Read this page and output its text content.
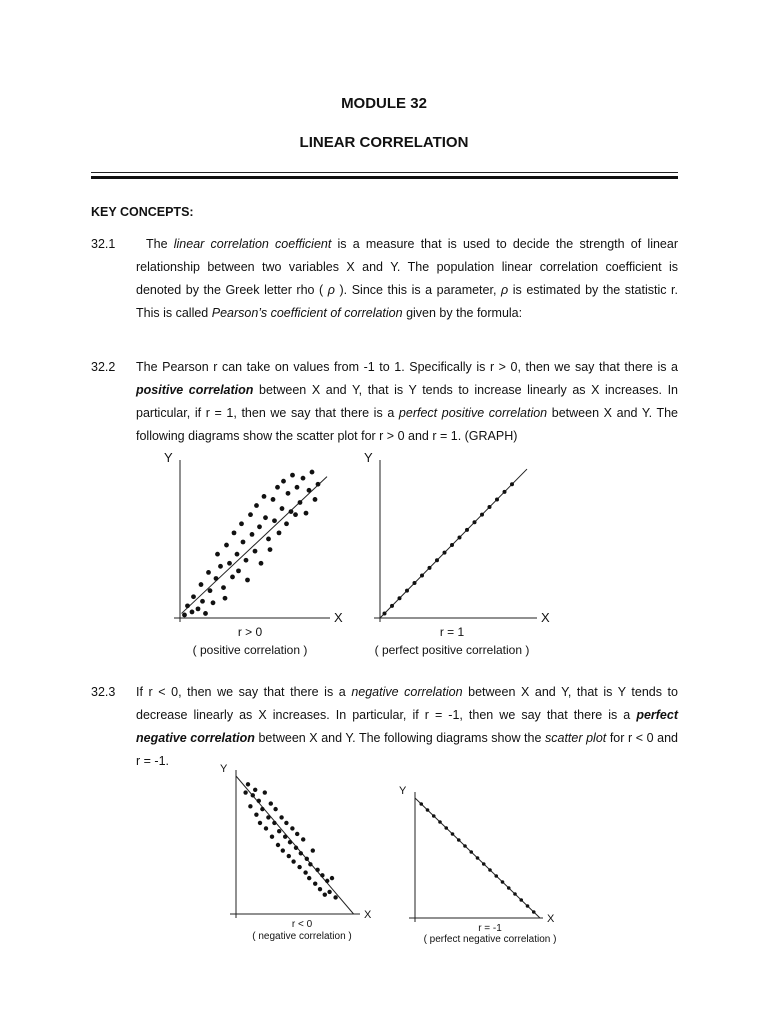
MODULE 32
LINEAR CORRELATION
KEY CONCEPTS:
32.1	The linear correlation coefficient is a measure that is used to decide the strength of linear relationship between two variables X and Y. The population linear correlation coefficient is denoted by the Greek letter rho ( ρ ). Since this is a parameter, ρ is estimated by the statistic r. This is called Pearson’s coefficient of correlation given by the formula:

32.2 The Pearson r can take on values from -1 to 1. Specifically is r > 0, then we say that there is a positive correlation between X and Y, that is Y tends to increase linearly as X increases. In particular, if r = 1, then we say that there is a perfect positive correlation between X and Y. The following diagrams show the scatter plot for r > 0 and r = 1. (GRAPH)

Y
X
r > 0
( positive correlation )
Y
X
r = 1
( perfect positive correlation )
32.3 If r < 0, then we say that there is a negative correlation between X and Y, that is Y tends to decrease linearly as X increases. In particular, if r = -1, then we say that there is a perfect negative correlation between X and Y. The following diagrams show the scatter plot for r < 0 and r = -1.

Y
X
r < 0
( negative correlation )
Y
X
r = -1
( perfect negative correlation )
